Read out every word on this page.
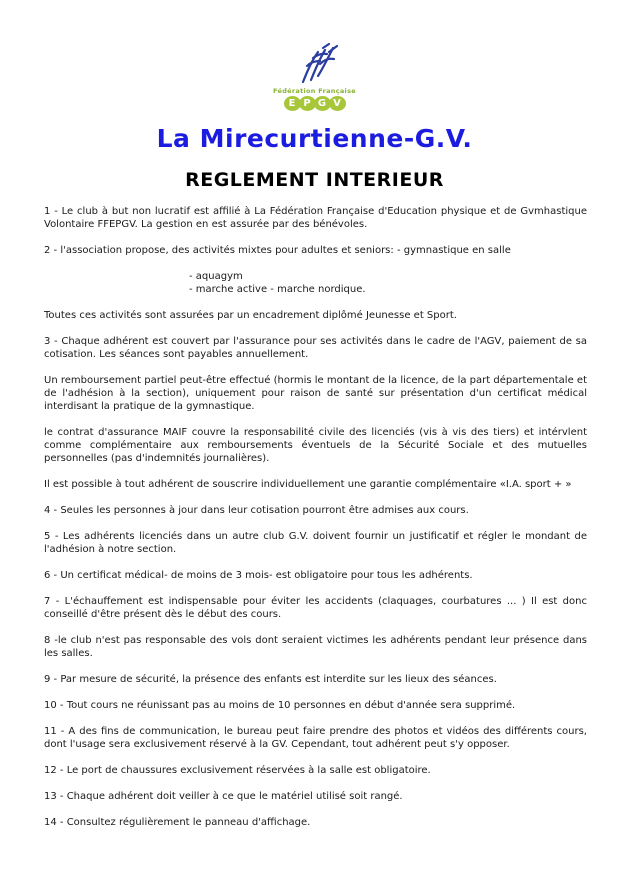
Fédération Française
E P G V
La Mirecurtienne-G.V.
REGLEMENT INTERIEUR

1 - Le club à but non lucratif est affilié à La Fédération Française d'Education physique et de Gvmhastique Volontaire FFEPGV. La gestion en est assurée par des bénévoles.

2 - l'association propose, des activités mixtes pour adultes et seniors: - gymnastique en salle

- aquagym

- marche active - marche nordique.

Toutes ces activités sont assurées par un encadrement diplômé Jeunesse et Sport.

3 - Chaque adhérent est couvert par l'assurance pour ses activités dans le cadre de l'AGV, paiement de sa cotisation. Les séances sont payables annuellement.

Un remboursement partiel peut-être effectué (hormis le montant de la licence, de la part départementale et de l'adhésion à la section), uniquement pour raison de santé sur présentation d'un certificat médical interdisant la pratique de la gymnastique.

le contrat d'assurance MAIF couvre la responsabilité civile des licenciés (vis à vis des tiers) et intérvlent comme complémentaire aux remboursements éventuels de la Sécurité Sociale et des mutuelles personnelles (pas d'indemnités journalières).

Il est possible à tout adhérent de souscrire individuellement une garantie complémentaire «I.A. sport + »

4 - Seules les personnes à jour dans leur cotisation pourront être admises aux cours.

5 - Les adhérents licenciés dans un autre club G.V. doivent fournir un justificatif et régler le mondant de l'adhésion à notre section.

6 - Un certificat médical- de moins de 3 mois- est obligatoire pour tous les adhérents.

7 - L'échauffement est indispensable pour éviter les accidents (claquages, courbatures ... ) Il est donc conseillé d'être présent dès le début des cours.

8 -le club n'est pas responsable des vols dont seraient victimes les adhérents pendant leur présence dans les salles.

9 - Par mesure de sécurité, la présence des enfants est interdite sur les lieux des séances.

10 - Tout cours ne réunissant pas au moins de 10 personnes en début d'année sera supprimé.

11 - A des fins de communication, le bureau peut faire prendre des photos et vidéos des différents cours, dont l'usage sera exclusivement réservé à la GV. Cependant, tout adhérent peut s'y opposer.

12 - Le port de chaussures exclusivement réservées à la salle est obligatoire.

13 - Chaque adhérent doit veiller à ce que le matériel utilisé soit rangé.

14 - Consultez régulièrement le panneau d'affichage.
